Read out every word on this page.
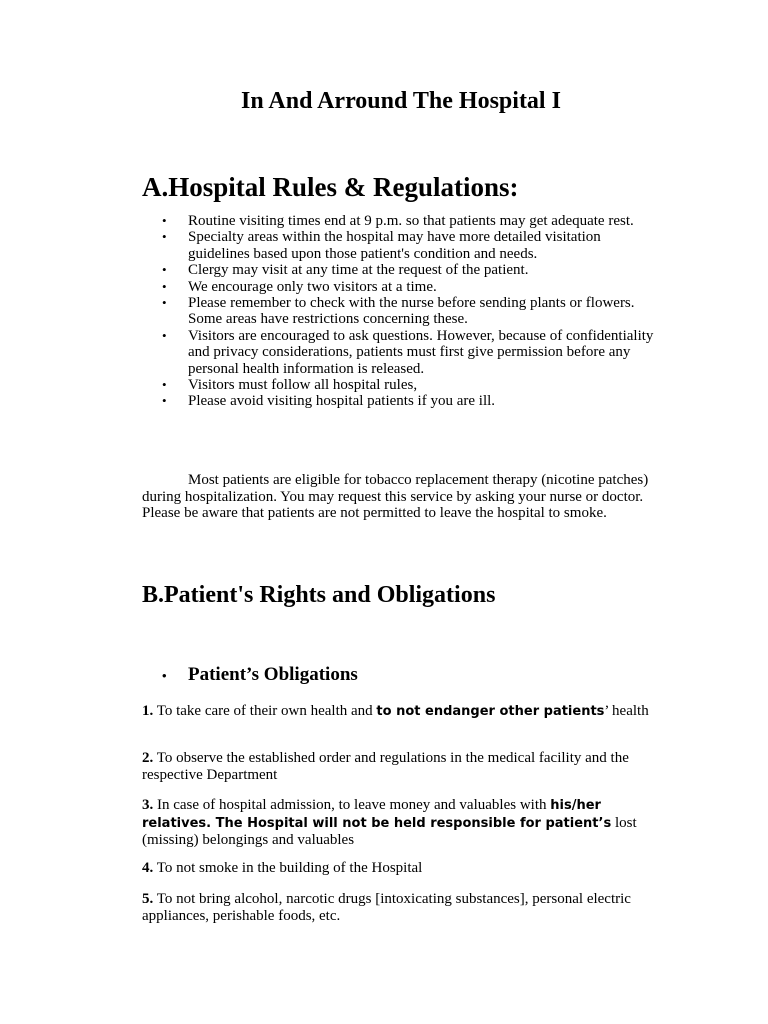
In And Arround The Hospital I
A.Hospital Rules & Regulations:
• Routine visiting times end at 9 p.m. so that patients may get adequate rest.
• Specialty areas within the hospital may have more detailed visitation guidelines based upon those patient's condition and needs.
• Clergy may visit at any time at the request of the patient.
• We encourage only two visitors at a time.
• Please remember to check with the nurse before sending plants or flowers. Some areas have restrictions concerning these.
• Visitors are encouraged to ask questions. However, because of confidentiality and privacy considerations, patients must first give permission before any personal health information is released.
• Visitors must follow all hospital rules,
• Please avoid visiting hospital patients if you are ill.

Most patients are eligible for tobacco replacement therapy (nicotine patches) during hospitalization. You may request this service by asking your nurse or doctor. Please be aware that patients are not permitted to leave the hospital to smoke.

B.Patient's Rights and Obligations
• Patient’s Obligations

1. To take care of their own health and to not endanger other patients’ health

2. To observe the established order and regulations in the medical facility and the respective Department

3. In case of hospital admission, to leave money and valuables with his/her relatives. The Hospital will not be held responsible for patient’s lost (missing) belongings and valuables

4. To not smoke in the building of the Hospital

5. To not bring alcohol, narcotic drugs [intoxicating substances], personal electric appliances, perishable foods, etc.
